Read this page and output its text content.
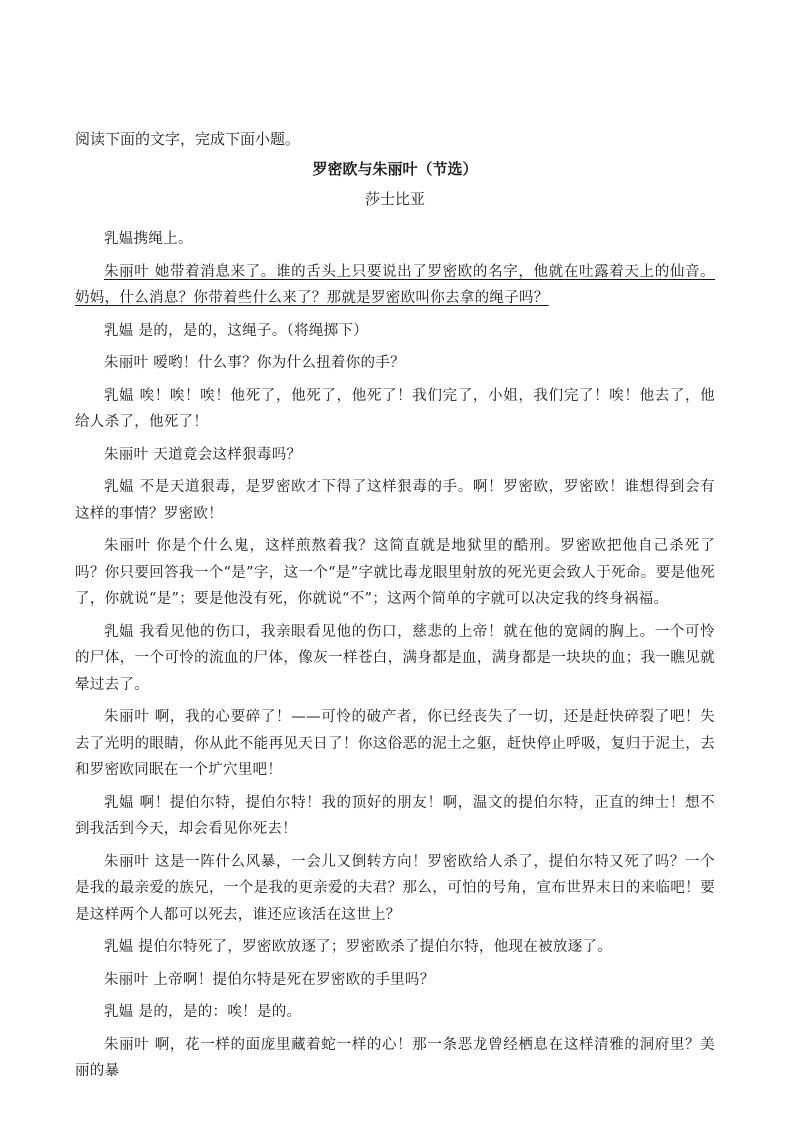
阅读下面的文字，完成下面小题。
罗密欧与朱丽叶（节选）
莎士比亚

乳媪携绳上。

朱丽叶 她带着消息来了。谁的舌头上只要说出了罗密欧的名字，他就在吐露着天上的仙音。奶妈，什么消息？你带着些什么来了？那就是罗密欧叫你去拿的绳子吗？

乳媪 是的，是的，这绳子。（将绳掷下）

朱丽叶 嗳哟！什么事？你为什么扭着你的手？

乳媪 唉！唉！唉！他死了，他死了，他死了！我们完了，小姐，我们完了！唉！他去了，他给人杀了，他死了！

朱丽叶 天道竟会这样狠毒吗？

乳媪 不是天道狠毒，是罗密欧才下得了这样狠毒的手。啊！罗密欧，罗密欧！谁想得到会有这样的事情？罗密欧！

朱丽叶 你是个什么鬼，这样煎熬着我？这简直就是地狱里的酷刑。罗密欧把他自己杀死了吗？你只要回答我一个“是”字，这一个“是”字就比毒龙眼里射放的死光更会致人于死命。要是他死了，你就说“是”；要是他没有死，你就说“不”；这两个简单的字就可以决定我的终身祸福。

乳媪 我看见他的伤口，我亲眼看见他的伤口，慈悲的上帝！就在他的宽阔的胸上。一个可怜的尸体，一个可怜的流血的尸体，像灰一样苍白，满身都是血，满身都是一块块的血；我一瞧见就晕过去了。

朱丽叶 啊，我的心要碎了！——可怜的破产者，你已经丧失了一切，还是赶快碎裂了吧！失去了光明的眼睛，你从此不能再见天日了！你这俗恶的泥土之躯，赶快停止呼吸，复归于泥土，去和罗密欧同眠在一个圹穴里吧！

乳媪 啊！提伯尔特，提伯尔特！我的顶好的朋友！啊，温文的提伯尔特，正直的绅士！想不到我活到今天，却会看见你死去！

朱丽叶 这是一阵什么风暴，一会儿又倒转方向！罗密欧给人杀了，提伯尔特又死了吗？一个是我的最亲爱的族兄，一个是我的更亲爱的夫君？那么，可怕的号角，宣布世界末日的来临吧！要是这样两个人都可以死去，谁还应该活在这世上？

乳媪 提伯尔特死了，罗密欧放逐了；罗密欧杀了提伯尔特，他现在被放逐了。

朱丽叶 上帝啊！提伯尔特是死在罗密欧的手里吗？

乳媪 是的，是的：唉！是的。

朱丽叶 啊，花一样的面庞里藏着蛇一样的心！那一条恶龙曾经栖息在这样清雅的洞府里？美丽的暴
